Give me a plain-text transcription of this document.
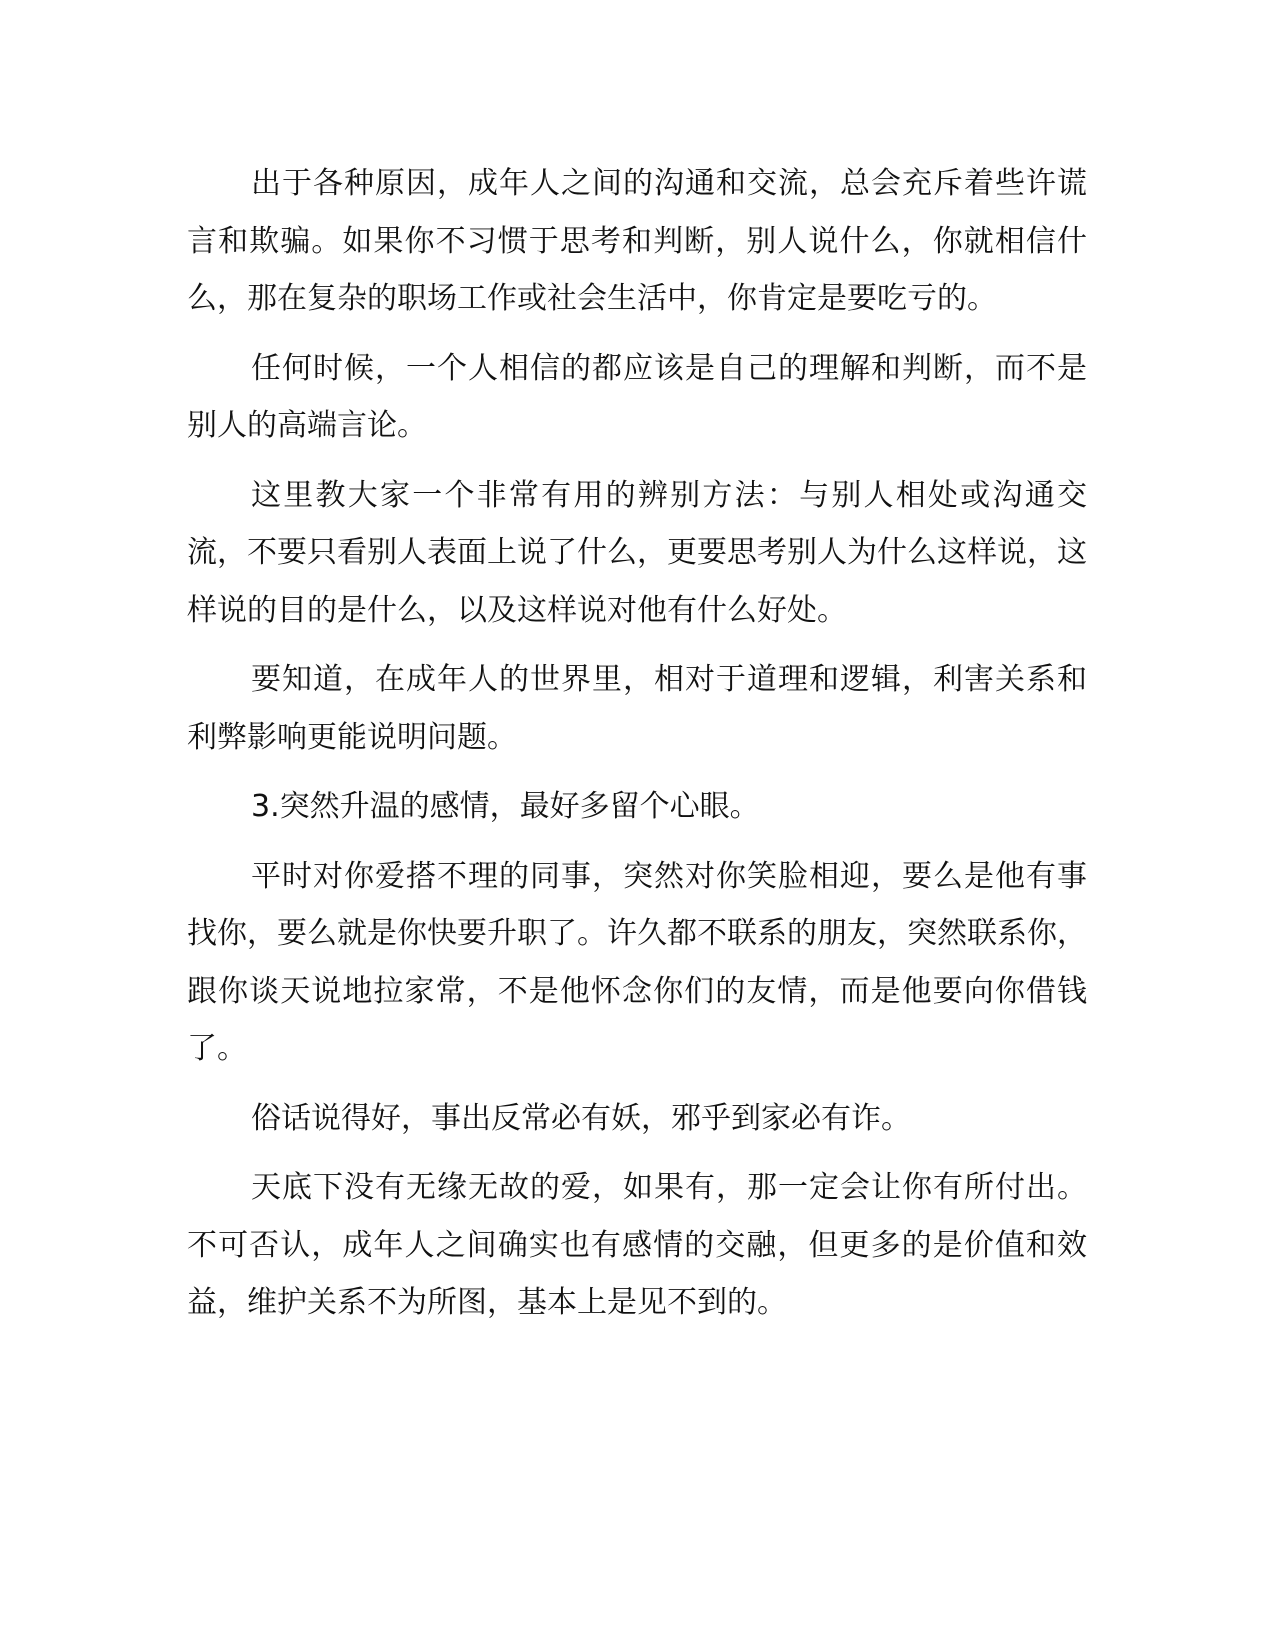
出于各种原因，成年人之间的沟通和交流，总会充斥着些许谎言和欺骗。如果你不习惯于思考和判断，别人说什么，你就相信什么，那在复杂的职场工作或社会生活中，你肯定是要吃亏的。

任何时候，一个人相信的都应该是自己的理解和判断，而不是别人的高端言论。

这里教大家一个非常有用的辨别方法：与别人相处或沟通交流，不要只看别人表面上说了什么，更要思考别人为什么这样说，这样说的目的是什么，以及这样说对他有什么好处。

要知道，在成年人的世界里，相对于道理和逻辑，利害关系和利弊影响更能说明问题。

3.突然升温的感情，最好多留个心眼。

平时对你爱搭不理的同事，突然对你笑脸相迎，要么是他有事找你，要么就是你快要升职了。许久都不联系的朋友，突然联系你，跟你谈天说地拉家常，不是他怀念你们的友情，而是他要向你借钱了。

俗话说得好，事出反常必有妖，邪乎到家必有诈。

天底下没有无缘无故的爱，如果有，那一定会让你有所付出。不可否认，成年人之间确实也有感情的交融，但更多的是价值和效益，维护关系不为所图，基本上是见不到的。
